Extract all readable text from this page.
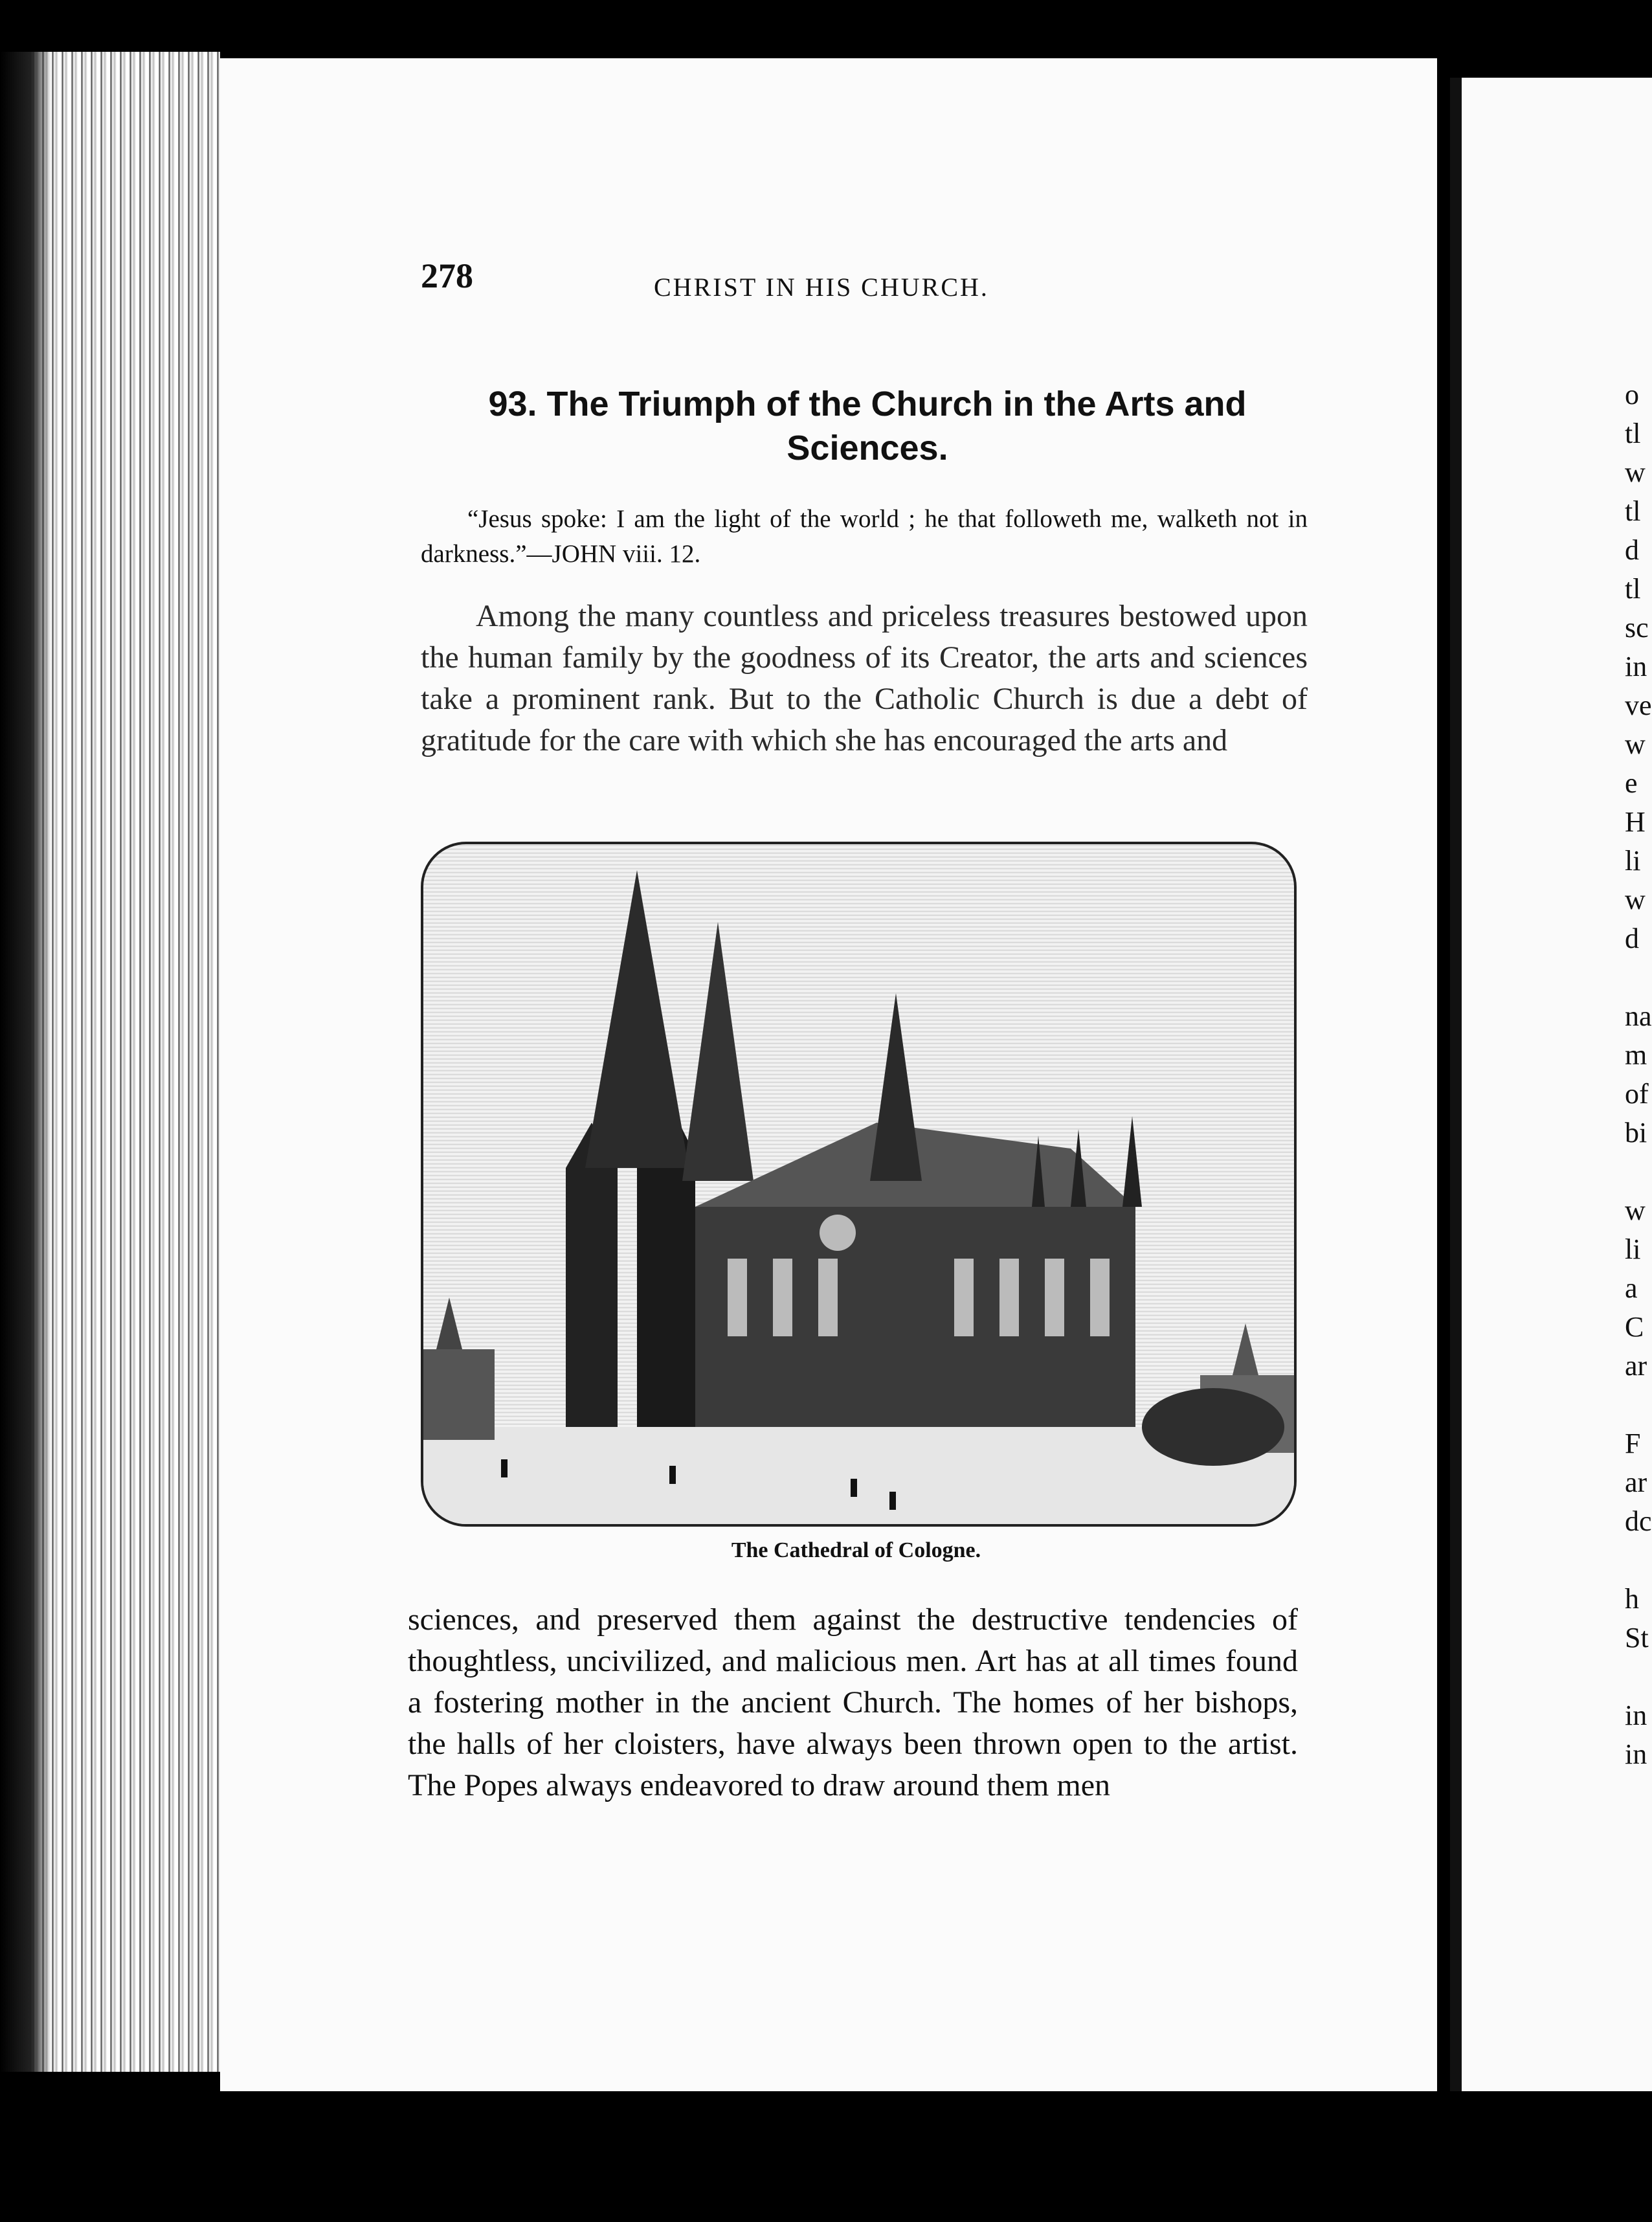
278	CHRIST IN HIS CHURCH.
93. The Triumph of the Church in the Arts and Sciences.
“Jesus spoke: I am the light of the world ; he that followeth me, walketh not in darkness.”—JOHN viii. 12.
Among the many countless and priceless treasures bestowed upon the human family by the goodness of its Creator, the arts and sciences take a prominent rank. But to the Catholic Church is due a debt of gratitude for the care with which she has encouraged the arts and
The Cathedral of Cologne.
sciences, and preserved them against the destructive tendencies of thoughtless, uncivilized, and malicious men. Art has at all times found a fostering mother in the ancient Church. The homes of her bishops, the halls of her cloisters, have always been thrown open to the artist. The Popes always endeavored to draw around them men
o
tl
w
tl
d
tl
sc
in
ve
w
e
H
li
w
d
na
m
of
bi
w
li
a
C
ar
F
ar
dc
h
St
in
in
